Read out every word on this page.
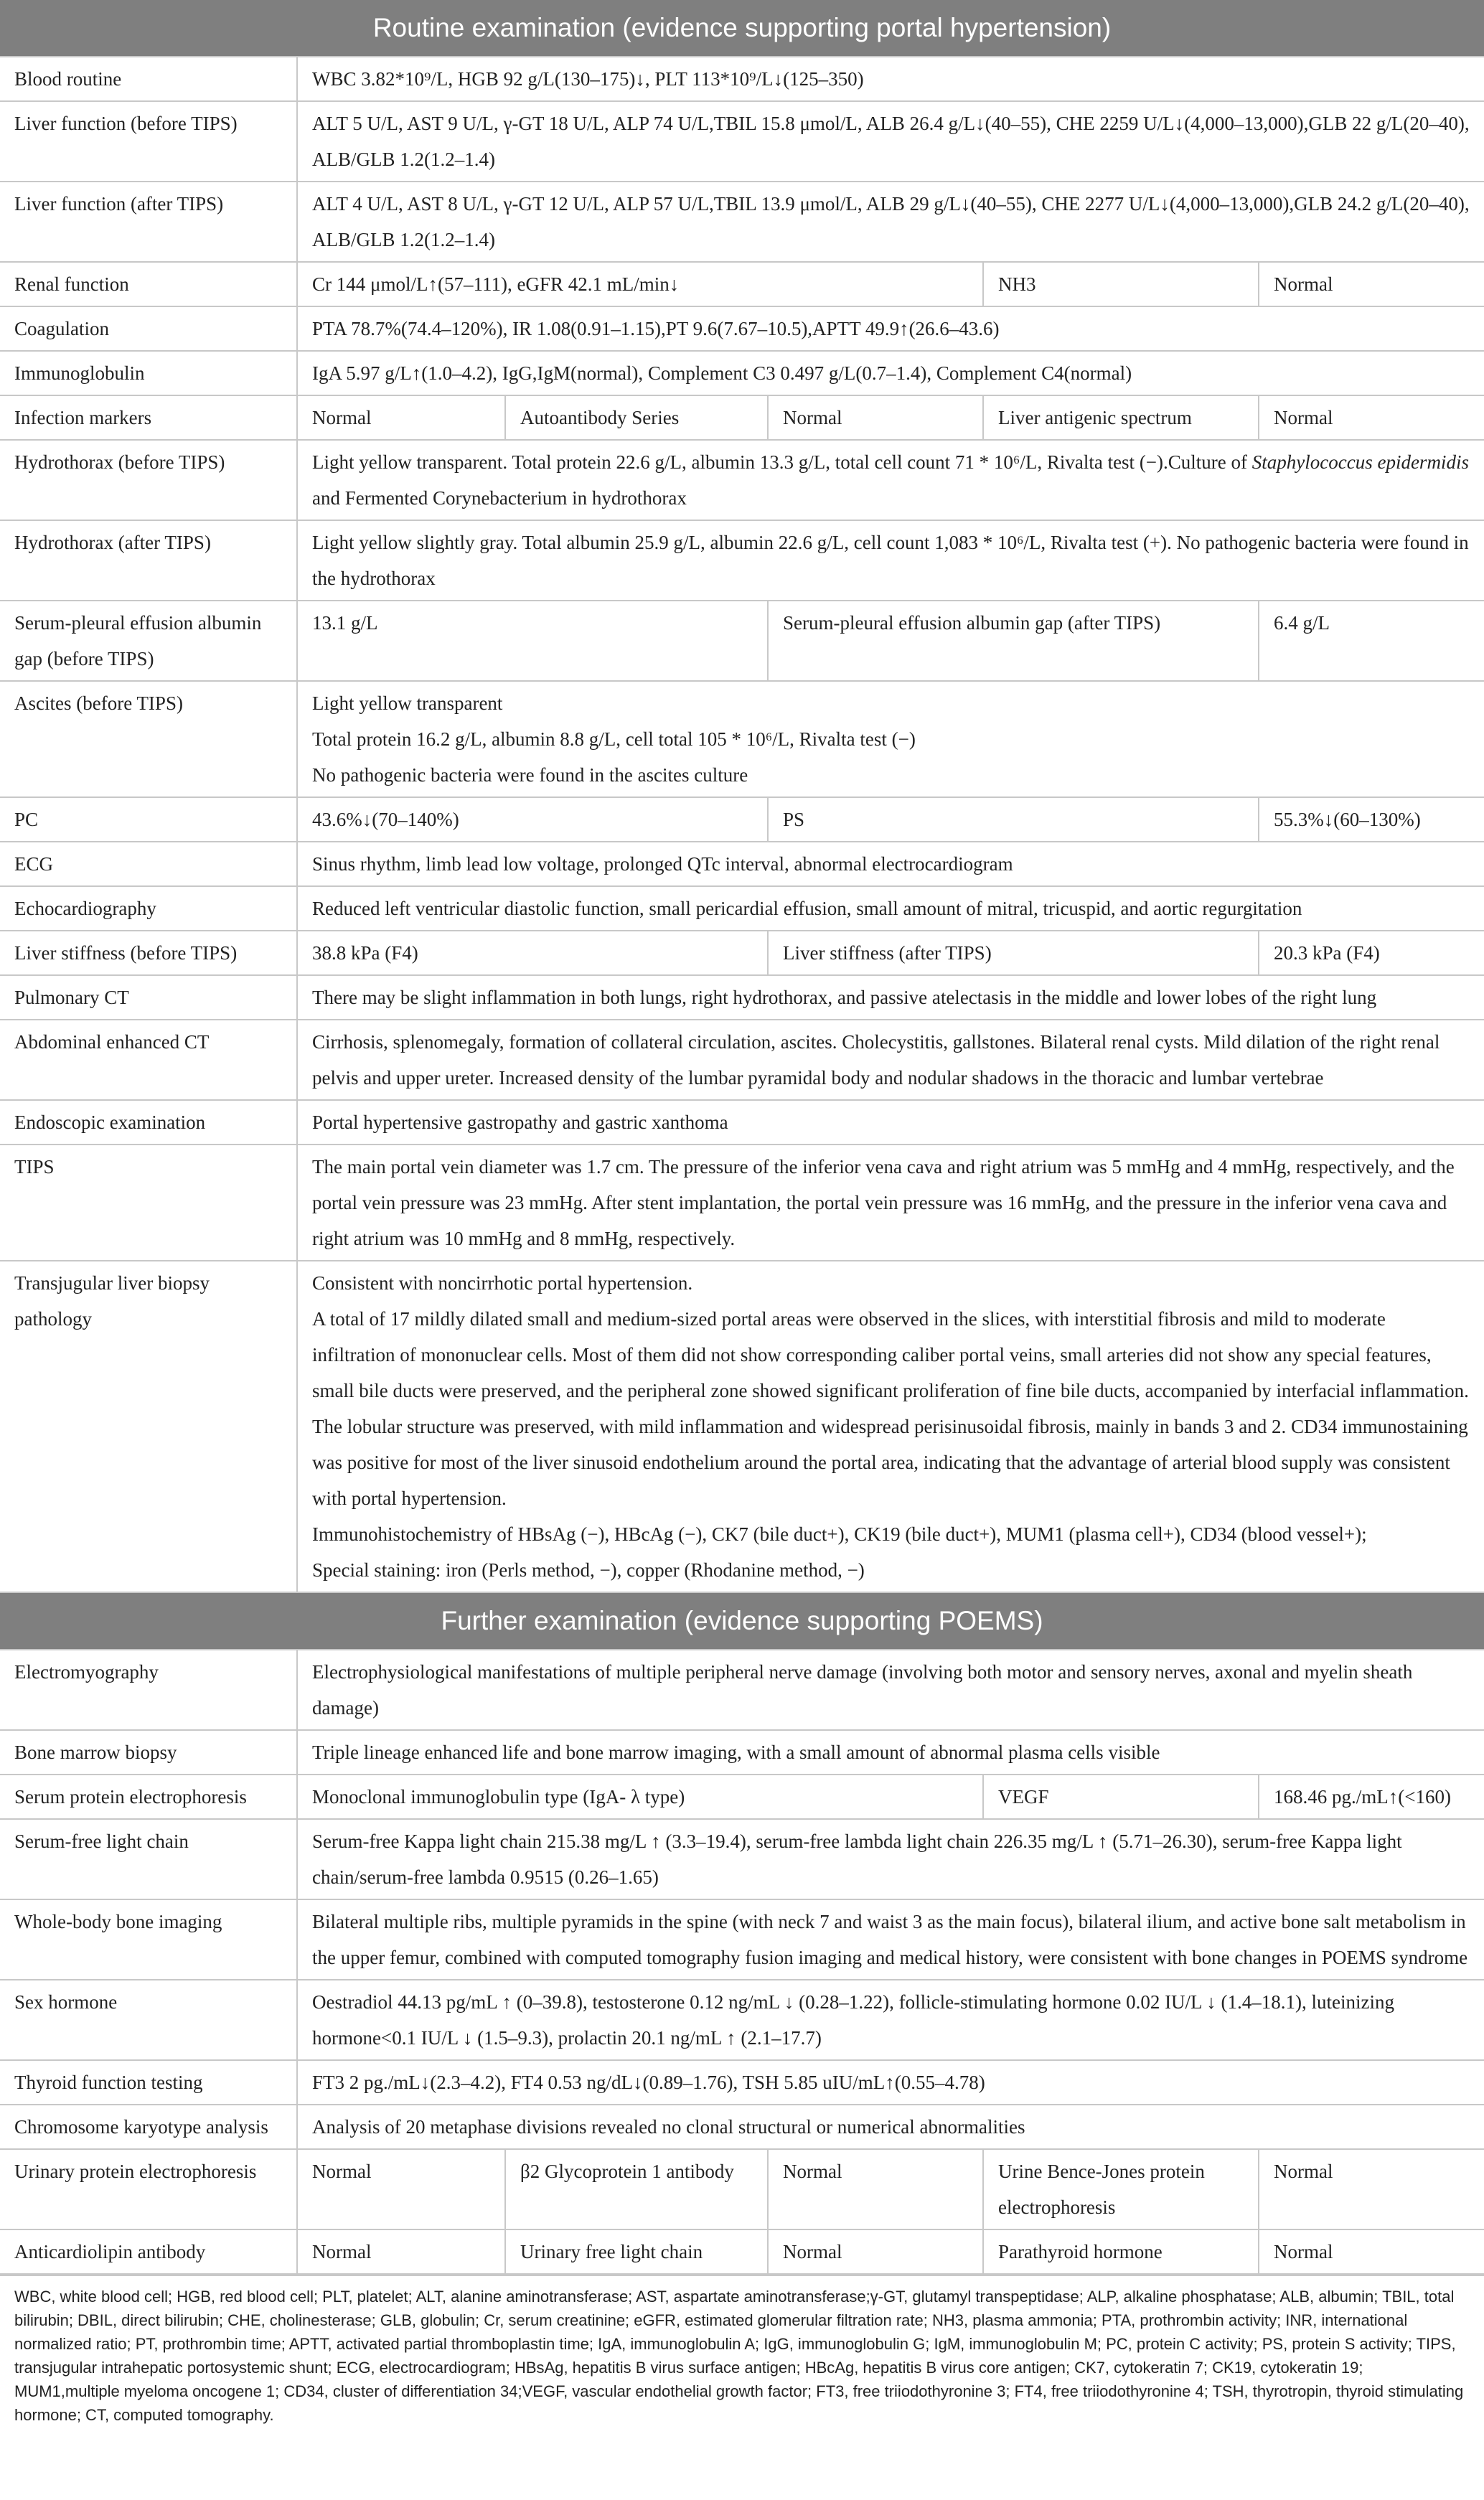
Routine examination (evidence supporting portal hypertension)					
Blood routine	WBC 3.82*10⁹/L, HGB 92 g/L(130–175)↓, PLT 113*10⁹/L↓(125–350)				
Liver function (before TIPS)	ALT 5 U/L, AST 9 U/L, γ-GT 18 U/L, ALP 74 U/L,TBIL 15.8 μmol/L, ALB 26.4 g/L↓(40–55), CHE 2259 U/L↓(4,000–13,000),GLB 22 g/L(20–40), ALB/GLB 1.2(1.2–1.4)				
Liver function (after TIPS)	ALT 4 U/L, AST 8 U/L, γ-GT 12 U/L, ALP 57 U/L,TBIL 13.9 μmol/L, ALB 29 g/L↓(40–55), CHE 2277 U/L↓(4,000–13,000),GLB 24.2 g/L(20–40), ALB/GLB 1.2(1.2–1.4)				
Renal function	Cr 144 μmol/L↑(57–111), eGFR 42.1 mL/min↓			NH3	Normal
Coagulation	PTA 78.7%(74.4–120%), IR 1.08(0.91–1.15),PT 9.6(7.67–10.5),APTT 49.9↑(26.6–43.6)				
Immunoglobulin	IgA 5.97 g/L↑(1.0–4.2), IgG,IgM(normal), Complement C3 0.497 g/L(0.7–1.4), Complement C4(normal)				
Infection markers	Normal	Autoantibody Series	Normal	Liver antigenic spectrum	Normal
Hydrothorax (before TIPS)	Light yellow transparent. Total protein 22.6 g/L, albumin 13.3 g/L, total cell count 71 * 10⁶/L, Rivalta test (−).Culture of Staphylococcus epidermidis and Fermented Corynebacterium in hydrothorax				
Hydrothorax (after TIPS)	Light yellow slightly gray. Total albumin 25.9 g/L, albumin 22.6 g/L, cell count 1,083 * 10⁶/L, Rivalta test (+). No pathogenic bacteria were found in the hydrothorax				
Serum-pleural effusion albumin gap (before TIPS)	13.1 g/L		Serum-pleural effusion albumin gap (after TIPS)		6.4 g/L
Ascites (before TIPS)	Light yellow transparent
Total protein 16.2 g/L, albumin 8.8 g/L, cell total 105 * 10⁶/L, Rivalta test (−)
No pathogenic bacteria were found in the ascites culture				

PC	43.6%↓(70–140%)		PS		55.3%↓(60–130%)
ECG	Sinus rhythm, limb lead low voltage, prolonged QTc interval, abnormal electrocardiogram				
Echocardiography	Reduced left ventricular diastolic function, small pericardial effusion, small amount of mitral, tricuspid, and aortic regurgitation				
Liver stiffness (before TIPS)	38.8 kPa (F4)		Liver stiffness (after TIPS)		20.3 kPa (F4)
Pulmonary CT	There may be slight inflammation in both lungs, right hydrothorax, and passive atelectasis in the middle and lower lobes of the right lung				
Abdominal enhanced CT	Cirrhosis, splenomegaly, formation of collateral circulation, ascites. Cholecystitis, gallstones. Bilateral renal cysts. Mild dilation of the right renal pelvis and upper ureter. Increased density of the lumbar pyramidal body and nodular shadows in the thoracic and lumbar vertebrae				
Endoscopic examination	Portal hypertensive gastropathy and gastric xanthoma				
TIPS	The main portal vein diameter was 1.7 cm. The pressure of the inferior vena cava and right atrium was 5 mmHg and 4 mmHg, respectively, and the portal vein pressure was 23 mmHg. After stent implantation, the portal vein pressure was 16 mmHg, and the pressure in the inferior vena cava and right atrium was 10 mmHg and 8 mmHg, respectively.				
Transjugular liver biopsy pathology	Consistent with noncirrhotic portal hypertension.
A total of 17 mildly dilated small and medium-sized portal areas were observed in the slices, with interstitial fibrosis and mild to moderate infiltration of mononuclear cells. Most of them did not show corresponding caliber portal veins, small arteries did not show any special features, small bile ducts were preserved, and the peripheral zone showed significant proliferation of fine bile ducts, accompanied by interfacial inflammation. The lobular structure was preserved, with mild inflammation and widespread perisinusoidal fibrosis, mainly in bands 3 and 2. CD34 immunostaining was positive for most of the liver sinusoid endothelium around the portal area, indicating that the advantage of arterial blood supply was consistent with portal hypertension.
Immunohistochemistry of HBsAg (−), HBcAg (−), CK7 (bile duct+), CK19 (bile duct+), MUM1 (plasma cell+), CD34 (blood vessel+);
Special staining: iron (Perls method, −), copper (Rhodanine method, −)				

Further examination (evidence supporting POEMS)					
Electromyography	Electrophysiological manifestations of multiple peripheral nerve damage (involving both motor and sensory nerves, axonal and myelin sheath damage)				
Bone marrow biopsy	Triple lineage enhanced life and bone marrow imaging, with a small amount of abnormal plasma cells visible				
Serum protein electrophoresis	Monoclonal immunoglobulin type (IgA- λ type)			VEGF	168.46 pg./mL↑(<160)
Serum-free light chain	Serum-free Kappa light chain 215.38 mg/L ↑ (3.3–19.4), serum-free lambda light chain 226.35 mg/L ↑ (5.71–26.30), serum-free Kappa light chain/serum-free lambda 0.9515 (0.26–1.65)				
Whole-body bone imaging	Bilateral multiple ribs, multiple pyramids in the spine (with neck 7 and waist 3 as the main focus), bilateral ilium, and active bone salt metabolism in the upper femur, combined with computed tomography fusion imaging and medical history, were consistent with bone changes in POEMS syndrome				
Sex hormone	Oestradiol 44.13 pg/mL ↑ (0–39.8), testosterone 0.12 ng/mL ↓ (0.28–1.22), follicle-stimulating hormone 0.02 IU/L ↓ (1.4–18.1), luteinizing hormone<0.1 IU/L ↓ (1.5–9.3), prolactin 20.1 ng/mL ↑ (2.1–17.7)				
Thyroid function testing	FT3 2 pg./mL↓(2.3–4.2), FT4 0.53 ng/dL↓(0.89–1.76), TSH 5.85 uIU/mL↑(0.55–4.78)				
Chromosome karyotype analysis	Analysis of 20 metaphase divisions revealed no clonal structural or numerical abnormalities				
Urinary protein electrophoresis	Normal	β2 Glycoprotein 1 antibody	Normal	Urine Bence-Jones protein electrophoresis	Normal
Anticardiolipin antibody	Normal	Urinary free light chain	Normal	Parathyroid hormone	Normal
WBC, white blood cell; HGB, red blood cell; PLT, platelet; ALT, alanine aminotransferase; AST, aspartate aminotransferase;γ-GT, glutamyl transpeptidase; ALP, alkaline phosphatase; ALB, albumin; TBIL, total bilirubin; DBIL, direct bilirubin; CHE, cholinesterase; GLB, globulin; Cr, serum creatinine; eGFR, estimated glomerular filtration rate; NH3, plasma ammonia; PTA, prothrombin activity; INR, international normalized ratio; PT, prothrombin time; APTT, activated partial thromboplastin time; IgA, immunoglobulin A; IgG, immunoglobulin G; IgM, immunoglobulin M; PC, protein C activity; PS, protein S activity; TIPS, transjugular intrahepatic portosystemic shunt; ECG, electrocardiogram; HBsAg, hepatitis B virus surface antigen; HBcAg, hepatitis B virus core antigen; CK7, cytokeratin 7; CK19, cytokeratin 19; MUM1,multiple myeloma oncogene 1; CD34, cluster of differentiation 34;VEGF, vascular endothelial growth factor; FT3, free triiodothyronine 3; FT4, free triiodothyronine 4; TSH, thyrotropin, thyroid stimulating hormone; CT, computed tomography.
